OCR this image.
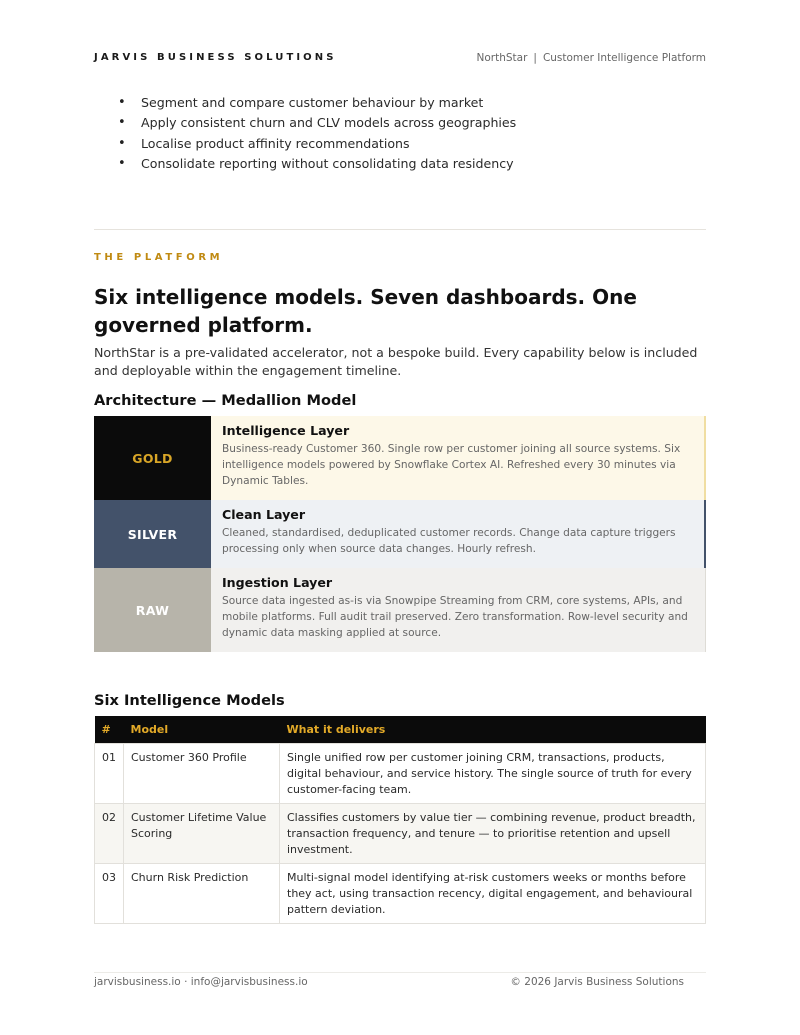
JARVIS BUSINESS SOLUTIONS	NorthStar | Customer Intelligence Platform
• Segment and compare customer behaviour by market
• Apply consistent churn and CLV models across geographies
• Localise product affinity recommendations
• Consolidate reporting without consolidating data residency
THE PLATFORM
Six intelligence models. Seven dashboards. One governed platform.

NorthStar is a pre-validated accelerator, not a bespoke build. Every capability below is included and deployable within the engagement timeline.

Architecture — Medallion Model
GOLD
Intelligence Layer
Business-ready Customer 360. Single row per customer joining all source systems. Six intelligence models powered by Snowflake Cortex AI. Refreshed every 30 minutes via Dynamic Tables.
SILVER
Clean Layer
Cleaned, standardised, deduplicated customer records. Change data capture triggers processing only when source data changes. Hourly refresh.
RAW
Ingestion Layer
Source data ingested as-is via Snowpipe Streaming from CRM, core systems, APIs, and mobile platforms. Full audit trail preserved. Zero transformation. Row-level security and dynamic data masking applied at source.
Six Intelligence Models
#	Model	What it delivers
01	Customer 360 Profile	Single unified row per customer joining CRM, transactions, products, digital behaviour, and service history. The single source of truth for every customer-facing team.
02	Customer Lifetime Value Scoring	Classifies customers by value tier — combining revenue, product breadth, transaction frequency, and tenure — to prioritise retention and upsell investment.
03	Churn Risk Prediction	Multi-signal model identifying at-risk customers weeks or months before they act, using transaction recency, digital engagement, and behavioural pattern deviation.
jarvisbusiness.io · info@jarvisbusiness.io	© 2026 Jarvis Business Solutions
